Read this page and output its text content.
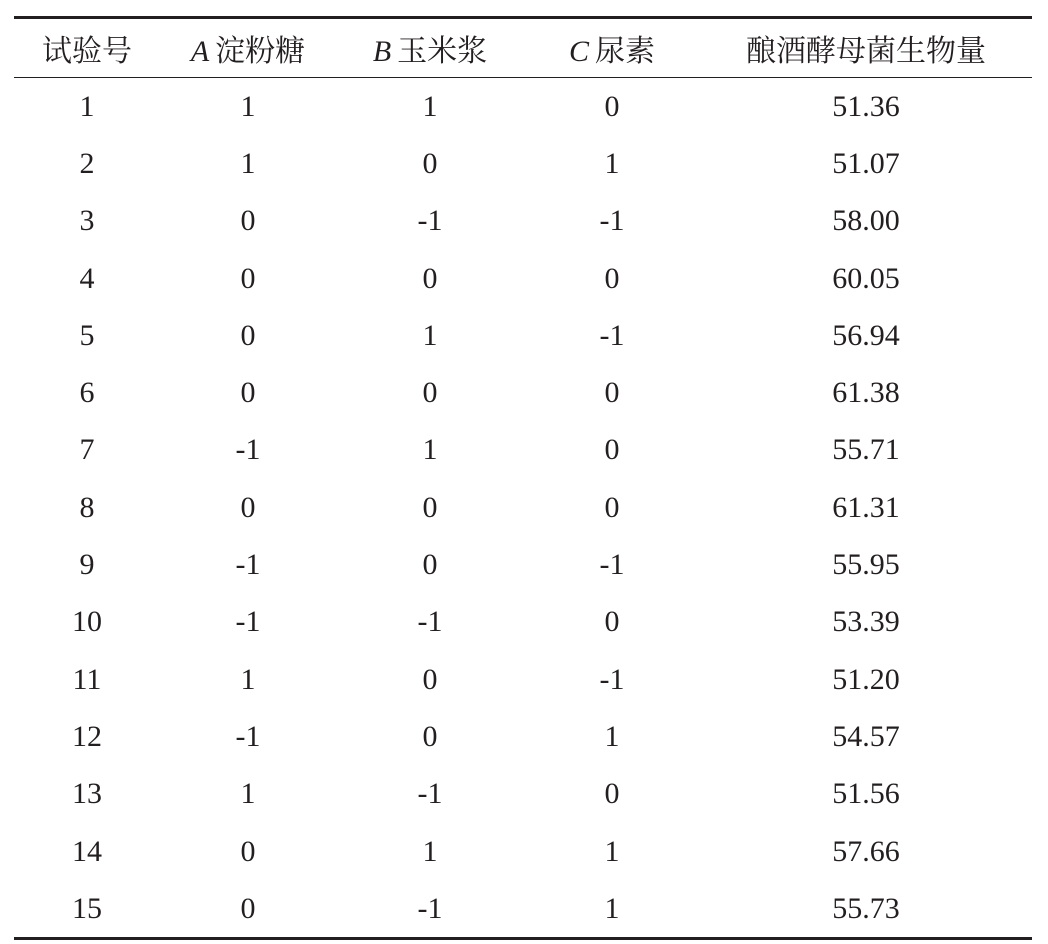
试验号	A 淀粉糖	B 玉米浆	C 尿素	酿酒酵母菌生物量
1	1	1	0	51.36
2	1	0	1	51.07
3	0	-1	-1	58.00
4	0	0	0	60.05
5	0	1	-1	56.94
6	0	0	0	61.38
7	-1	1	0	55.71
8	0	0	0	61.31
9	-1	0	-1	55.95
10	-1	-1	0	53.39
11	1	0	-1	51.20
12	-1	0	1	54.57
13	1	-1	0	51.56
14	0	1	1	57.66
15	0	-1	1	55.73
